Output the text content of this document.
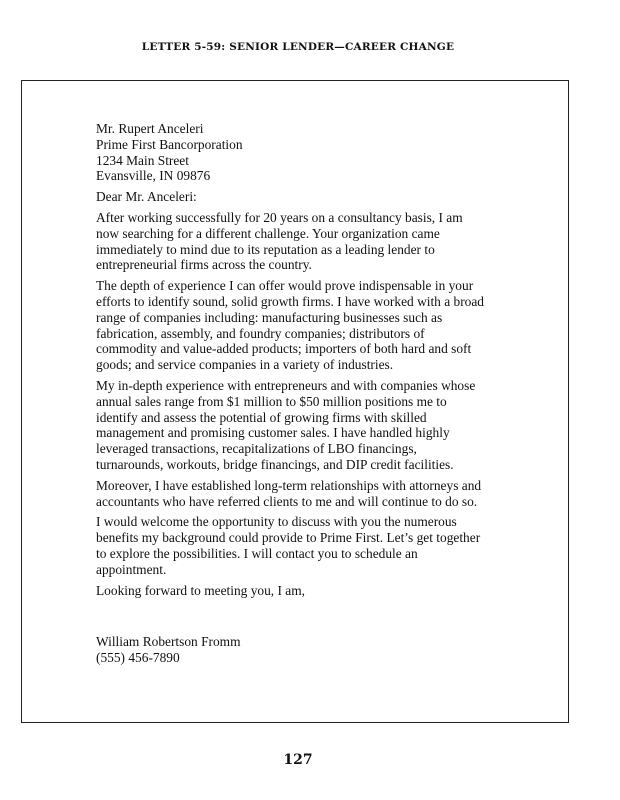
LETTER 5-59: SENIOR LENDER—CAREER CHANGE
Mr. Rupert Anceleri
Prime First Bancorporation
1234 Main Street
Evansville, IN 09876
Dear Mr. Anceleri:
After working successfully for 20 years on a consultancy basis, I am
now searching for a different challenge. Your organization came
immediately to mind due to its reputation as a leading lender to
entrepreneurial firms across the country.
The depth of experience I can offer would prove indispensable in your
efforts to identify sound, solid growth firms. I have worked with a broad
range of companies including: manufacturing businesses such as
fabrication, assembly, and foundry companies; distributors of
commodity and value-added products; importers of both hard and soft
goods; and service companies in a variety of industries.
My in-depth experience with entrepreneurs and with companies whose
annual sales range from $1 million to $50 million positions me to
identify and assess the potential of growing firms with skilled
management and promising customer sales. I have handled highly
leveraged transactions, recapitalizations of LBO financings,
turnarounds, workouts, bridge financings, and DIP credit facilities.
Moreover, I have established long-term relationships with attorneys and
accountants who have referred clients to me and will continue to do so.
I would welcome the opportunity to discuss with you the numerous
benefits my background could provide to Prime First. Let’s get together
to explore the possibilities. I will contact you to schedule an
appointment.
Looking forward to meeting you, I am,
William Robertson Fromm
(555) 456-7890
127
